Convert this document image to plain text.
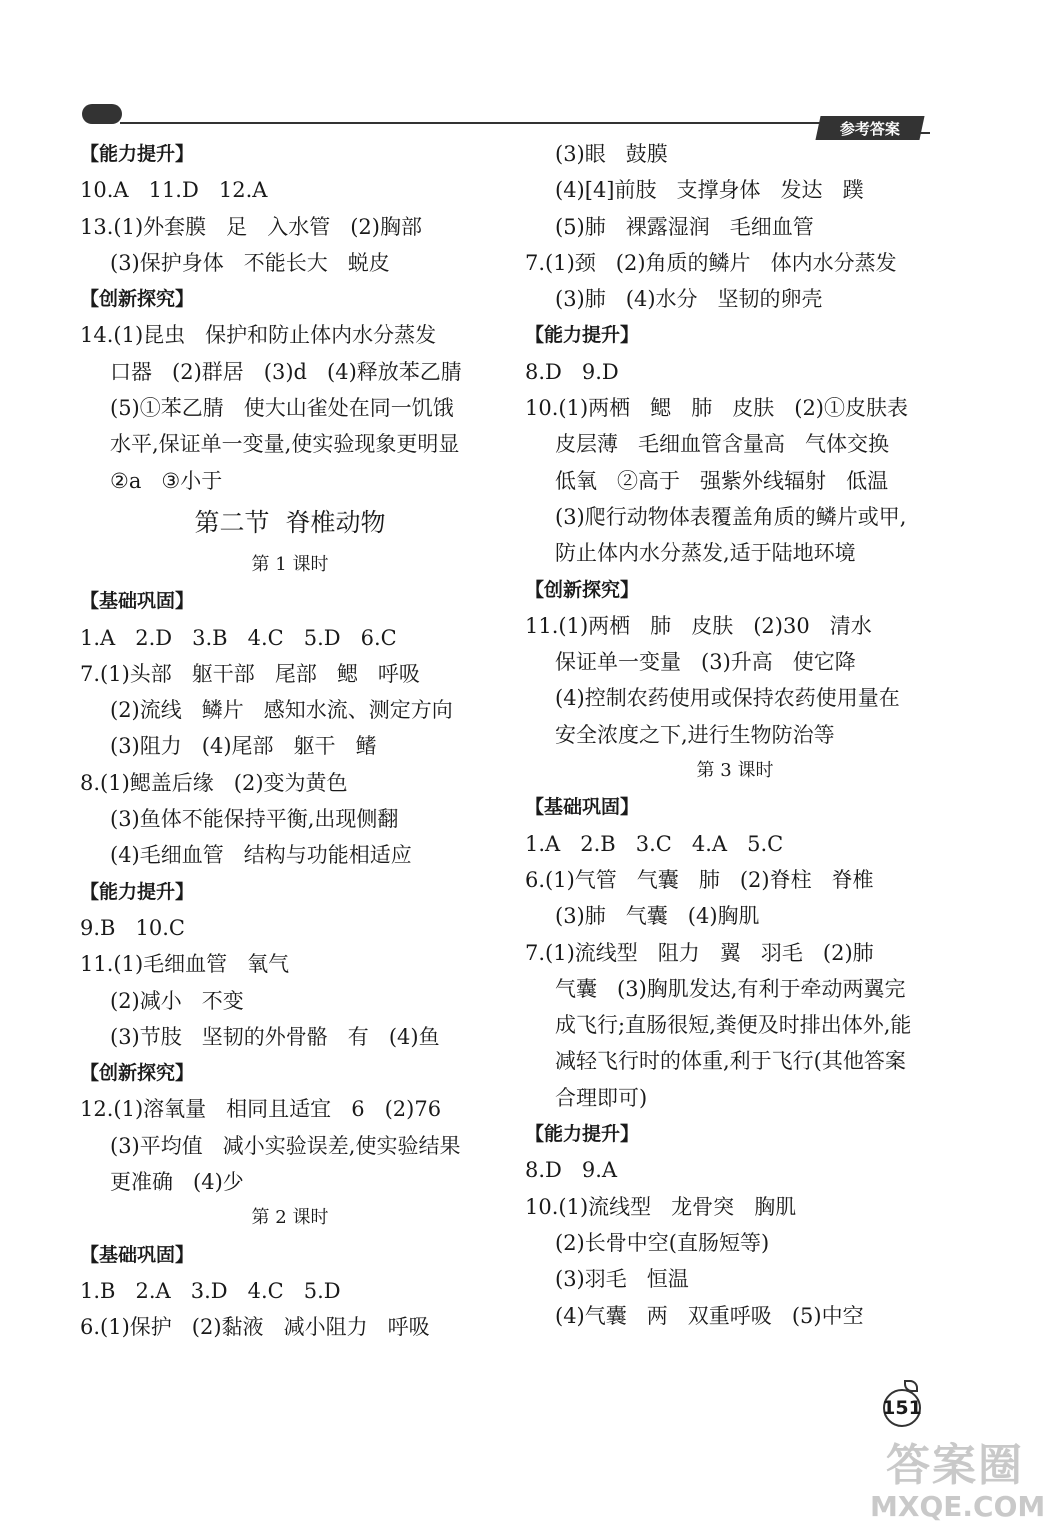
参考答案
【能力提升】
10.A   11.D   12.A
13.(1)外套膜   足   入水管   (2)胸部
(3)保护身体   不能长大   蜕皮
【创新探究】
14.(1)昆虫   保护和防止体内水分蒸发
口器   (2)群居   (3)d   (4)释放苯乙腈
(5)①苯乙腈   使大山雀处在同一饥饿
水平,保证单一变量,使实验现象更明显
②a   ③小于
第二节  脊椎动物
第 1 课时
【基础巩固】
1.A   2.D   3.B   4.C   5.D   6.C
7.(1)头部   躯干部   尾部   鳃   呼吸
(2)流线   鳞片   感知水流、测定方向
(3)阻力   (4)尾部   躯干   鳍
8.(1)鳃盖后缘   (2)变为黄色
(3)鱼体不能保持平衡,出现侧翻
(4)毛细血管   结构与功能相适应
【能力提升】
9.B   10.C
11.(1)毛细血管   氧气
(2)减小   不变
(3)节肢   坚韧的外骨骼   有   (4)鱼
【创新探究】
12.(1)溶氧量   相同且适宜   6   (2)76
(3)平均值   减小实验误差,使实验结果
更准确   (4)少
第 2 课时
【基础巩固】
1.B   2.A   3.D   4.C   5.D
6.(1)保护   (2)黏液   减小阻力   呼吸
(3)眼   鼓膜
(4)[4]前肢   支撑身体   发达   蹼
(5)肺   裸露湿润   毛细血管
7.(1)颈   (2)角质的鳞片   体内水分蒸发
(3)肺   (4)水分   坚韧的卵壳
【能力提升】
8.D   9.D
10.(1)两栖   鳃   肺   皮肤   (2)①皮肤表
皮层薄   毛细血管含量高   气体交换
低氧   ②高于   强紫外线辐射   低温
(3)爬行动物体表覆盖角质的鳞片或甲,
防止体内水分蒸发,适于陆地环境
【创新探究】
11.(1)两栖   肺   皮肤   (2)30   清水
保证单一变量   (3)升高   使它降
(4)控制农药使用或保持农药使用量在
安全浓度之下,进行生物防治等
第 3 课时
【基础巩固】
1.A   2.B   3.C   4.A   5.C
6.(1)气管   气囊   肺   (2)脊柱   脊椎
(3)肺   气囊   (4)胸肌
7.(1)流线型   阻力   翼   羽毛   (2)肺
气囊   (3)胸肌发达,有利于牵动两翼完
成飞行;直肠很短,粪便及时排出体外,能
减轻飞行时的体重,利于飞行(其他答案
合理即可)
【能力提升】
8.D   9.A
10.(1)流线型   龙骨突   胸肌
(2)长骨中空(直肠短等)
(3)羽毛   恒温
(4)气囊   两   双重呼吸   (5)中空
151
答案圈
MXQE.COM
